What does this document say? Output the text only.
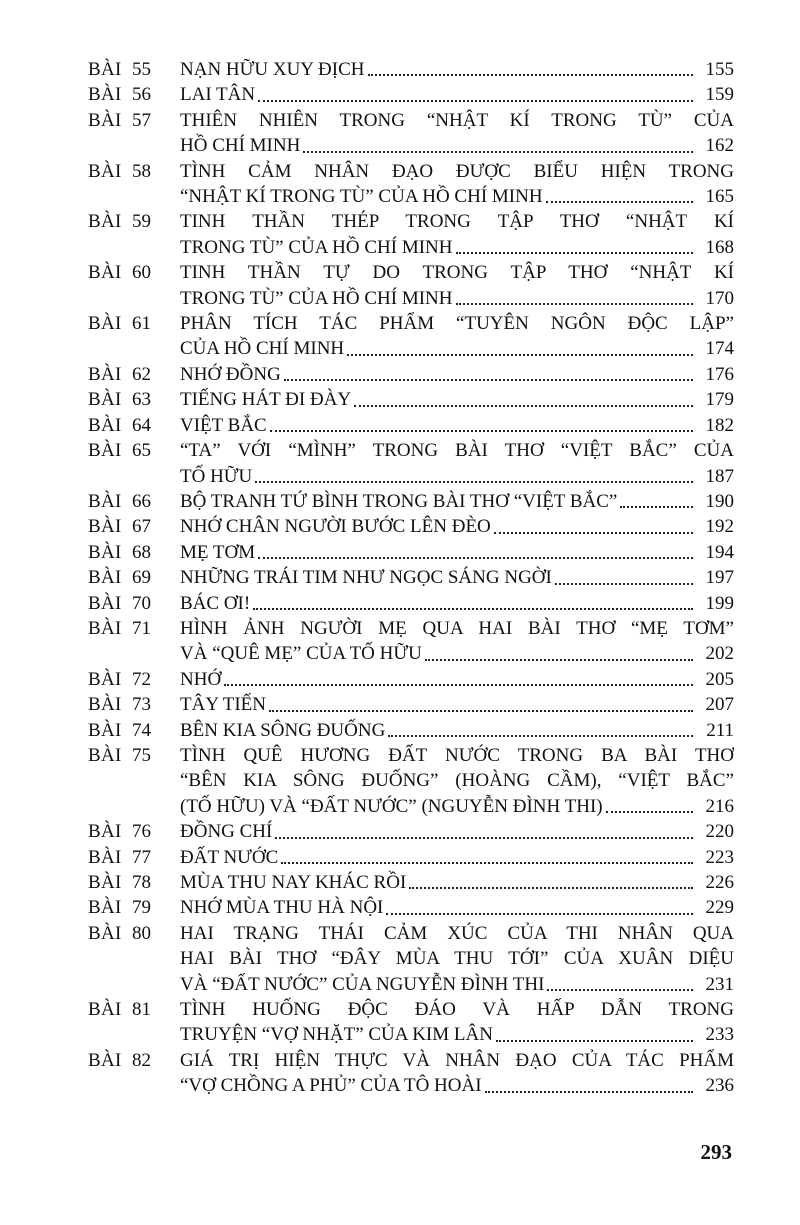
BÀI 55	NẠN HỮU XUY ĐỊCH	155
BÀI 56	LAI TÂN	159
BÀI 57	THIÊN NHIÊN TRONG “NHẬT KÍ TRONG TÙ” CỦA
HỒ CHÍ MINH	162
BÀI 58	TÌNH CẢM NHÂN ĐẠO ĐƯỢC BIỂU HIỆN TRONG
“NHẬT KÍ TRONG TÙ” CỦA HỒ CHÍ MINH	165
BÀI 59	TINH THẦN THÉP TRONG TẬP THƠ “NHẬT KÍ
TRONG TÙ” CỦA HỒ CHÍ MINH	168
BÀI 60	TINH THẦN TỰ DO TRONG TẬP THƠ “NHẬT KÍ
TRONG TÙ” CỦA HỒ CHÍ MINH	170
BÀI 61	PHÂN TÍCH TÁC PHẨM “TUYÊN NGÔN ĐỘC LẬP”
CỦA HỒ CHÍ MINH	174
BÀI 62	NHỚ ĐỒNG	176
BÀI 63	TIẾNG HÁT ĐI ĐÀY	179
BÀI 64	VIỆT BẮC	182
BÀI 65	“TA” VỚI “MÌNH” TRONG BÀI THƠ “VIỆT BẮC” CỦA
TỐ HỮU	187
BÀI 66	BỘ TRANH TỨ BÌNH TRONG BÀI THƠ “VIỆT BẮC”	190
BÀI 67	NHỚ CHÂN NGƯỜI BƯỚC LÊN ĐÈO	192
BÀI 68	MẸ TƠM	194
BÀI 69	NHỮNG TRÁI TIM NHƯ NGỌC SÁNG NGỜI	197
BÀI 70	BÁC ƠI!	199
BÀI 71	HÌNH ẢNH NGƯỜI MẸ QUA HAI BÀI THƠ “MẸ TƠM”
VÀ “QUÊ MẸ” CỦA TỐ HỮU	202
BÀI 72	NHỚ	205
BÀI 73	TÂY TIẾN	207
BÀI 74	BÊN KIA SÔNG ĐUỐNG	211
BÀI 75	TÌNH QUÊ HƯƠNG ĐẤT NƯỚC TRONG BA BÀI THƠ
“BÊN KIA SÔNG ĐUỐNG” (HOÀNG CẦM), “VIỆT BẮC”
(TỐ HỮU) VÀ “ĐẤT NƯỚC” (NGUYỄN ĐÌNH THI)	216
BÀI 76	ĐỒNG CHÍ	220
BÀI 77	ĐẤT NƯỚC	223
BÀI 78	MÙA THU NAY KHÁC RỒI	226
BÀI 79	NHỚ MÙA THU HÀ NỘI	229
BÀI 80	HAI TRẠNG THÁI CẢM XÚC CỦA THI NHÂN QUA
HAI BÀI THƠ “ĐÂY MÙA THU TỚI” CỦA XUÂN DIỆU
VÀ “ĐẤT NƯỚC” CỦA NGUYỄN ĐÌNH THI	231
BÀI 81	TÌNH HUỐNG ĐỘC ĐÁO VÀ HẤP DẪN TRONG
TRUYỆN “VỢ NHẶT” CỦA KIM LÂN	233
BÀI 82	GIÁ TRỊ HIỆN THỰC VÀ NHÂN ĐẠO CỦA TÁC PHẨM
“VỢ CHỒNG A PHỦ” CỦA TÔ HOÀI	236
293
